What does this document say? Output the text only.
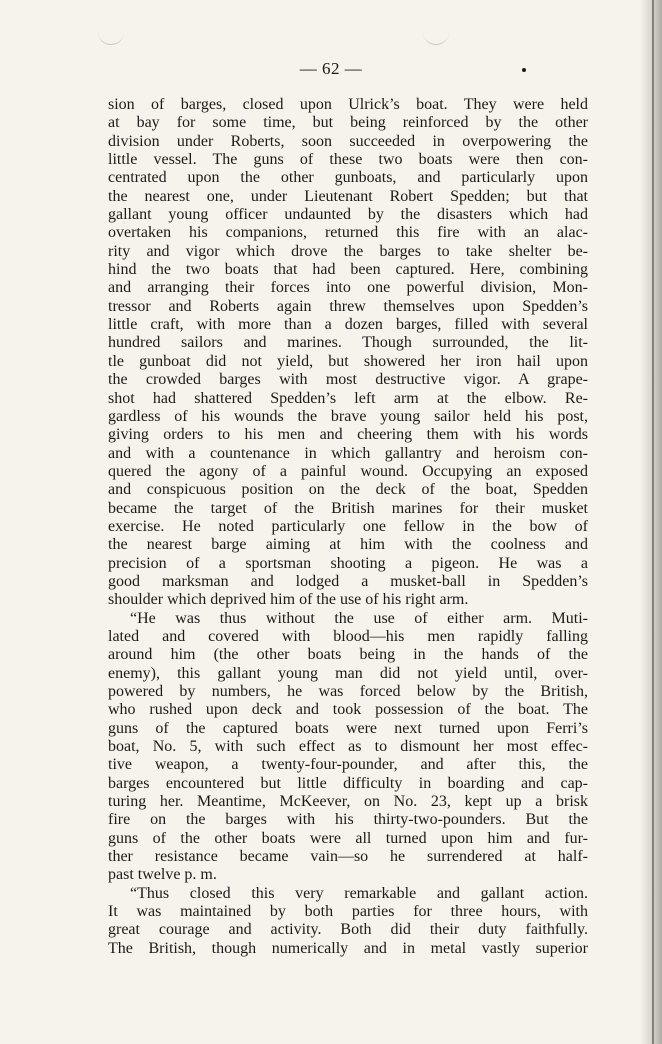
— 62 —
sion of barges, closed upon Ulrick’s boat. They were held
at bay for some time, but being reinforced by the other
division under Roberts, soon succeeded in overpowering the
little vessel. The guns of these two boats were then con-
centrated upon the other gunboats, and particularly upon
the nearest one, under Lieutenant Robert Spedden; but that
gallant young officer undaunted by the disasters which had
overtaken his companions, returned this fire with an alac-
rity and vigor which drove the barges to take shelter be-
hind the two boats that had been captured. Here, combining
and arranging their forces into one powerful division, Mon-
tressor and Roberts again threw themselves upon Spedden’s
little craft, with more than a dozen barges, filled with several
hundred sailors and marines. Though surrounded, the lit-
tle gunboat did not yield, but showered her iron hail upon
the crowded barges with most destructive vigor. A grape-
shot had shattered Spedden’s left arm at the elbow. Re-
gardless of his wounds the brave young sailor held his post,
giving orders to his men and cheering them with his words
and with a countenance in which gallantry and heroism con-
quered the agony of a painful wound. Occupying an exposed
and conspicuous position on the deck of the boat, Spedden
became the target of the British marines for their musket
exercise. He noted particularly one fellow in the bow of
the nearest barge aiming at him with the coolness and
precision of a sportsman shooting a pigeon. He was a
good marksman and lodged a musket-ball in Spedden’s
shoulder which deprived him of the use of his right arm.
“He was thus without the use of either arm. Muti-
lated and covered with blood—his men rapidly falling
around him (the other boats being in the hands of the
enemy), this gallant young man did not yield until, over-
powered by numbers, he was forced below by the British,
who rushed upon deck and took possession of the boat. The
guns of the captured boats were next turned upon Ferri’s
boat, No. 5, with such effect as to dismount her most effec-
tive weapon, a twenty-four-pounder, and after this, the
barges encountered but little difficulty in boarding and cap-
turing her. Meantime, McKeever, on No. 23, kept up a brisk
fire on the barges with his thirty-two-pounders. But the
guns of the other boats were all turned upon him and fur-
ther resistance became vain—so he surrendered at half-
past twelve p. m.
“Thus closed this very remarkable and gallant action.
It was maintained by both parties for three hours, with
great courage and activity. Both did their duty faithfully.
The British, though numerically and in metal vastly superior
